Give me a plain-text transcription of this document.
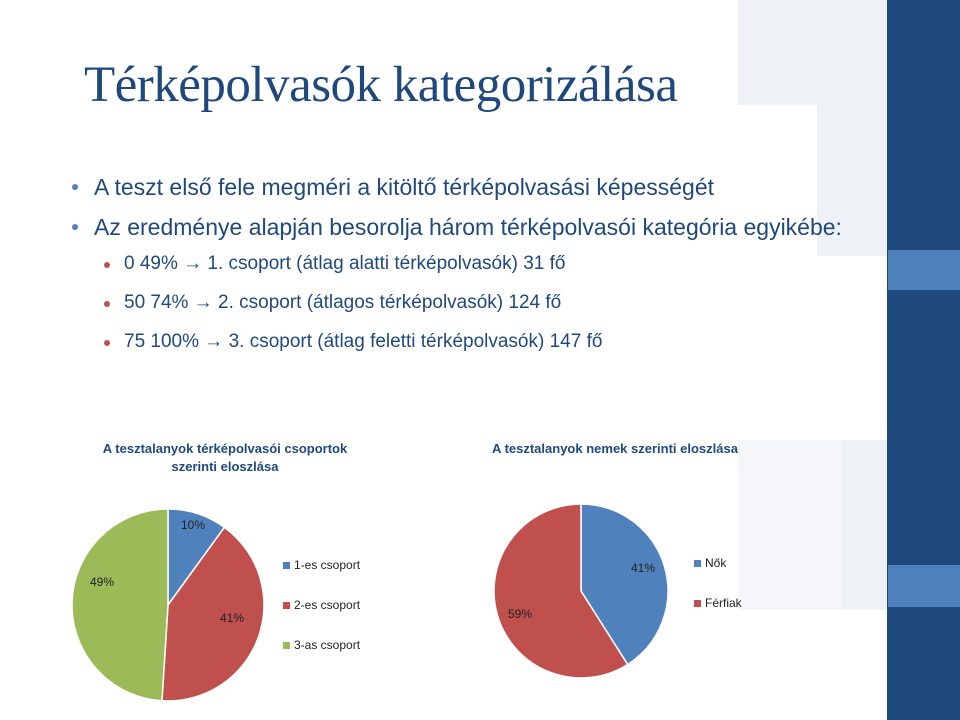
Térképolvasók kategorizálása
A teszt első fele megméri a kitöltő térképolvasási képességét
Az eredménye alapján besorolja három térképolvasói kategória egyikébe:
0 49% → 1. csoport (átlag alatti térképolvasók) 31 fő
50 74% → 2. csoport (átlagos térképolvasók) 124 fő
75 100% → 3. csoport (átlag feletti térképolvasók) 147 fő
A tesztalanyok térképolvasói csoportok szerinti eloszlása
A tesztalanyok nemek szerinti eloszlása
10%
41%
49%
41%
59%
1-es csoport
2-es csoport
3-as csoport
Nők
Férfiak
